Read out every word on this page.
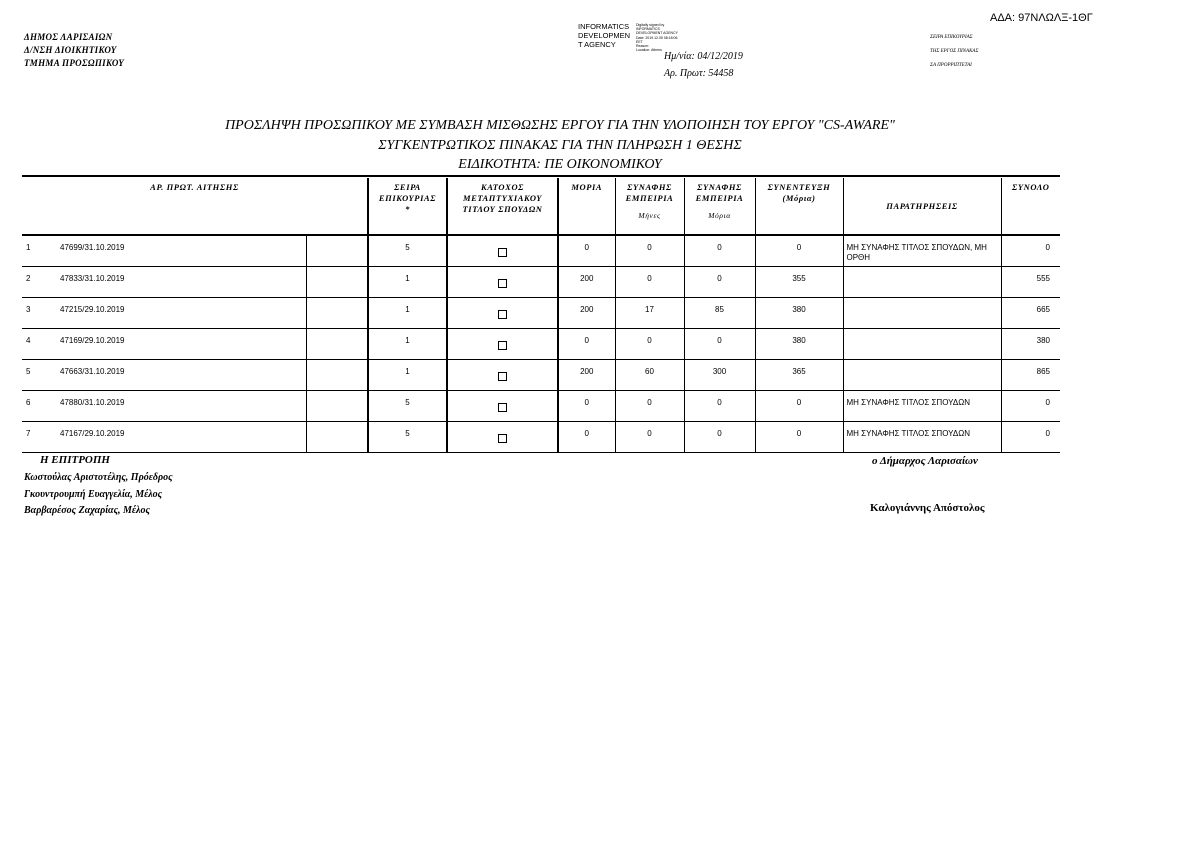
ΑΔΑ: 97ΝΛΩΛΞ-1ΘΓ
ΔΗΜΟΣ ΛΑΡΙΣΑΙΩΝ
Δ/ΝΣΗ ΔΙΟΙΚΗΤΙΚΟΥ
ΤΜΗΜΑ ΠΡΟΣΩΠΙΚΟΥ
INFORMATICS
DEVELOPMEN
T AGENCY
Digitally signed by
INFORMATICS
DEVELOPMENT AGENCY
Date: 2019.12.05 08:18:06
EET
Reason:
Location: Athens
Ημ/νία: 04/12/2019
Αρ. Πρωτ: 54458
ΣΕΙΡΑ ΕΠΙΚΟΥΡΙΑΣ
ΤΗΣ ΕΡΓΟΣ ΠΙΝΑΚΑΣ
ΣΑ ΠΡΟΡΡΙΠΤΕΤΑΙ
ΠΡΟΣΛΗΨΗ ΠΡΟΣΩΠΙΚΟΥ ΜΕ ΣΥΜΒΑΣΗ ΜΙΣΘΩΣΗΣ ΕΡΓΟΥ ΓΙΑ ΤΗΝ ΥΛΟΠΟΙΗΣΗ ΤΟΥ ΕΡΓΟΥ "CS-AWARE"
ΣΥΓΚΕΝΤΡΩΤΙΚΟΣ ΠΙΝΑΚΑΣ ΓΙΑ ΤΗΝ ΠΛΗΡΩΣΗ 1 ΘΕΣΗΣ
ΕΙΔΙΚΟΤΗΤΑ: ΠΕ ΟΙΚΟΝΟΜΙΚΟΥ
ΑΡ. ΠΡΩΤ. ΑΙΤΗΣΗΣ		ΣΕΙΡΑ
ΕΠΙΚΟΥΡΙΑΣ
*	ΚΑΤΟΧΟΣ
ΜΕΤΑΠΤΥΧΙΑΚΟΥ
ΤΙΤΛΟΥ ΣΠΟΥΔΩΝ	ΜΟΡΙΑ	ΣΥΝΑΦΗΣ
ΕΜΠΕΙΡΙΑ
Μήνες	ΣΥΝΑΦΗΣ
ΕΜΠΕΙΡΙΑ
Μόρια	ΣΥΝΕΝΤΕΥΞΗ
(Μόρια)	ΠΑΡΑΤΗΡΗΣΕΙΣ	ΣΥΝΟΛΟ
1 47699/31.10.2019		5		0	0	0	0	ΜΗ ΣΥΝΑΦΗΣ ΤΙΤΛΟΣ ΣΠΟΥΔΩΝ, ΜΗ ΟΡΘΗ	0
2 47833/31.10.2019		1		200	0	0	355		555
3 47215/29.10.2019		1		200	17	85	380		665
4 47169/29.10.2019		1		0	0	0	380		380
5 47663/31.10.2019		1		200	60	300	365		865
6 47880/31.10.2019		5		0	0	0	0	ΜΗ ΣΥΝΑΦΗΣ ΤΙΤΛΟΣ ΣΠΟΥΔΩΝ	0
7 47167/29.10.2019		5		0	0	0	0	ΜΗ ΣΥΝΑΦΗΣ ΤΙΤΛΟΣ ΣΠΟΥΔΩΝ	0
Η ΕΠΙΤΡΟΠΗ
Κωστούλας Αριστοτέλης, Πρόεδρος
Γκουντρουμπή Ευαγγελία, Μέλος
Βαρβαρέσος Ζαχαρίας, Μέλος
ο Δήμαρχος Λαρισαίων
Καλογιάννης Απόστολος
